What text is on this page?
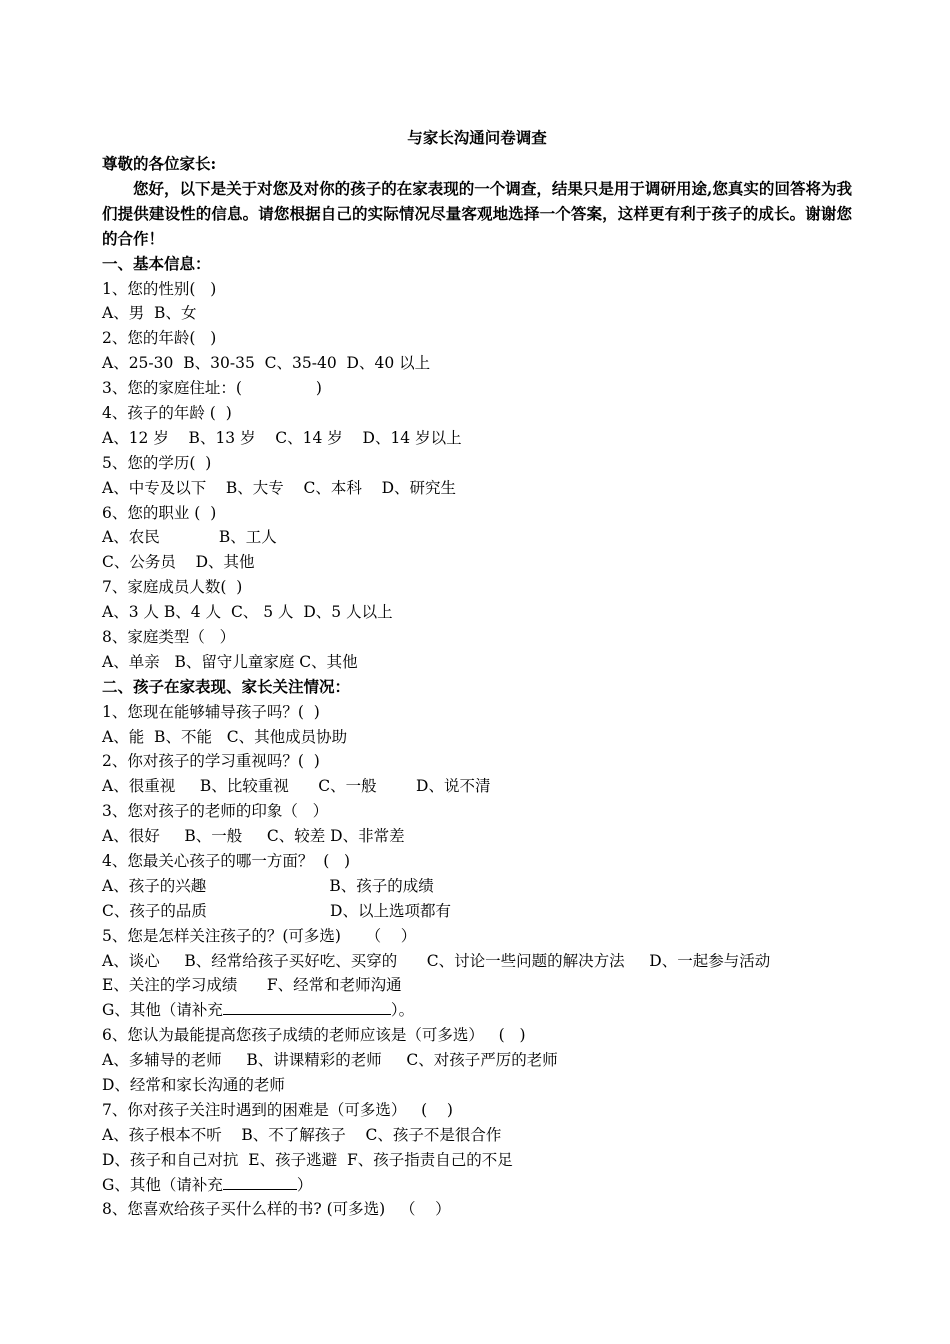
与家长沟通问卷调查
尊敬的各位家长:
您好，以下是关于对您及对你的孩子的在家表现的一个调查，结果只是用于调研用途,您真实的回答将为我们提供建设性的信息。请您根据自己的实际情况尽量客观地选择一个答案，这样更有利于孩子的成长。谢谢您的合作！
一、基本信息：
1、您的性别(   )
A、男  B、女
2、您的年龄(   )
A、25-30  B、30-35  C、35-40  D、40 以上
3、您的家庭住址：(               )
4、孩子的年龄 (  )
A、12 岁    B、13 岁    C、14 岁    D、14 岁以上
5、您的学历(  )
A、中专及以下    B、大专    C、本科    D、研究生
6、您的职业 (  )
A、农民            B、工人
C、公务员    D、其他
7、家庭成员人数(  )
A、3 人 B、4 人  C、 5 人  D、5 人以上
8、家庭类型（   ）
A、单亲   B、留守儿童家庭 C、其他
二、孩子在家表现、家长关注情况：
1、您现在能够辅导孩子吗？(  )
A、能  B、不能   C、其他成员协助
2、你对孩子的学习重视吗？(  )
A、很重视     B、比较重视      C、一般        D、说不清
3、您对孩子的老师的印象（   ）
A、很好     B、一般     C、较差 D、非常差
4、您最关心孩子的哪一方面？  (   )
A、孩子的兴趣                         B、孩子的成绩
C、孩子的品质                         D、以上选项都有
5、您是怎样关注孩子的？(可多选)     （    ）
A、谈心     B、经常给孩子买好吃、买穿的      C、讨论一些问题的解决方法     D、一起参与活动
E、关注的学习成绩      F、经常和老师沟通
G、其他（请补充	）。
6、您认为最能提高您孩子成绩的老师应该是（可多选）   (   )
A、多辅导的老师     B、讲课精彩的老师     C、对孩子严厉的老师
D、经常和家长沟通的老师
7、你对孩子关注时遇到的困难是（可多选）   (    )
A、孩子根本不听    B、不了解孩子    C、孩子不是很合作
D、孩子和自己对抗  E、孩子逃避  F、孩子指责自己的不足
G、其他（请补充	）
8、您喜欢给孩子买什么样的书? (可多选)   （    ）
